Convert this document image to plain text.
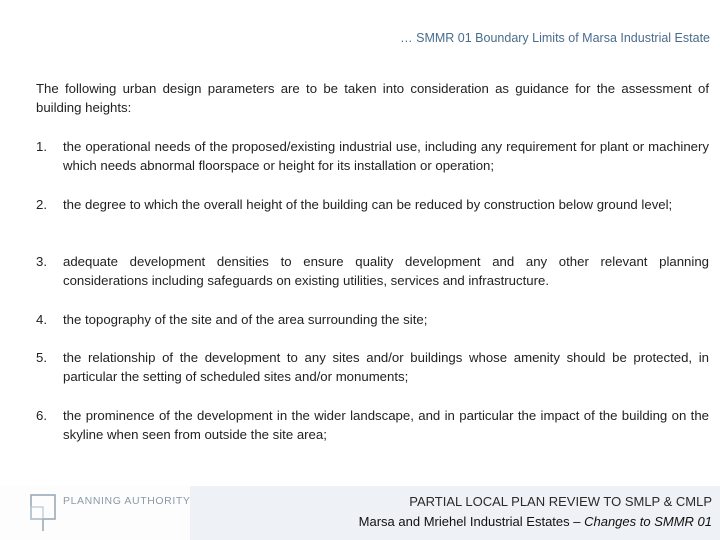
… SMMR 01 Boundary Limits of Marsa Industrial Estate

The following urban design parameters are to be taken into consideration as guidance for the assessment of building heights:

1.	the operational needs of the proposed/existing industrial use, including any requirement for plant or machinery which needs abnormal floorspace or height for its installation or operation;
2.	the degree to which the overall height of the building can be reduced by construction below ground level;
3.	adequate development densities to ensure quality development and any other relevant planning considerations including safeguards on existing utilities, services and infrastructure.
4.	the topography of the site and of the area surrounding the site;
5.	the relationship of the development to any sites and/or buildings whose amenity should be protected, in particular the setting of scheduled sites and/or monuments;
6.	the prominence of the development in the wider landscape, and in particular the impact of the building on the skyline when seen from outside the site area;
PLANNING AUTHORITY	PARTIAL LOCAL PLAN REVIEW TO SMLP & CMLP
Marsa and Mriehel Industrial Estates – Changes to SMMR 01
